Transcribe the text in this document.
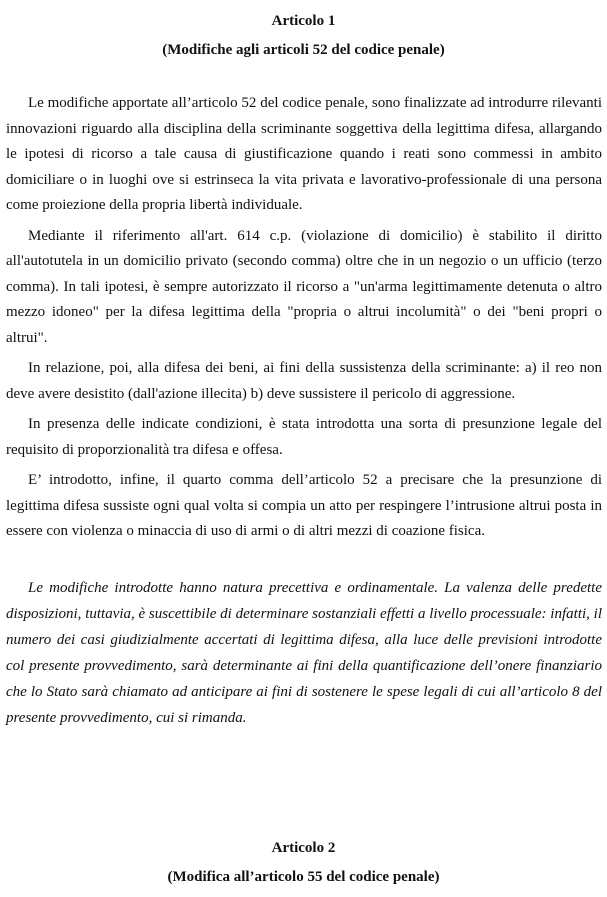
Articolo 1
(Modifiche agli articoli 52 del codice penale)

Le modifiche apportate all’articolo 52 del codice penale, sono finalizzate ad introdurre rilevanti innovazioni riguardo alla disciplina della scriminante soggettiva della legittima difesa, allargando le ipotesi di ricorso a tale causa di giustificazione quando i reati sono commessi in ambito domiciliare o in luoghi ove si estrinseca la vita privata e lavorativo-professionale di una persona come proiezione della propria libertà individuale.

Mediante il riferimento all'art. 614 c.p. (violazione di domicilio) è stabilito il diritto all'autotutela in un domicilio privato (secondo comma) oltre che in un negozio o un ufficio (terzo comma). In tali ipotesi, è sempre autorizzato il ricorso a "un'arma legittimamente detenuta o altro mezzo idoneo" per la difesa legittima della "propria o altrui incolumità" o dei "beni propri o altrui".

In relazione, poi, alla difesa dei beni, ai fini della sussistenza della scriminante: a) il reo non deve avere desistito (dall'azione illecita) b) deve sussistere il pericolo di aggressione.

In presenza delle indicate condizioni, è stata introdotta una sorta di presunzione legale del requisito di proporzionalità tra difesa e offesa.

E’ introdotto, infine, il quarto comma dell’articolo 52 a precisare che la presunzione di legittima difesa sussiste ogni qual volta si compia un atto per respingere l’intrusione altrui posta in essere con violenza o minaccia di uso di armi o di altri mezzi di coazione fisica.

Le modifiche introdotte hanno natura precettiva e ordinamentale. La valenza delle predette disposizioni, tuttavia, è suscettibile di determinare sostanziali effetti a livello processuale: infatti, il numero dei casi giudizialmente accertati di legittima difesa, alla luce delle previsioni introdotte col presente provvedimento, sarà determinante ai fini della quantificazione dell’onere finanziario che lo Stato sarà chiamato ad anticipare ai fini di sostenere le spese legali di cui all’articolo 8 del presente provvedimento, cui si rimanda.

Articolo 2
(Modifica all’articolo 55 del codice penale)
